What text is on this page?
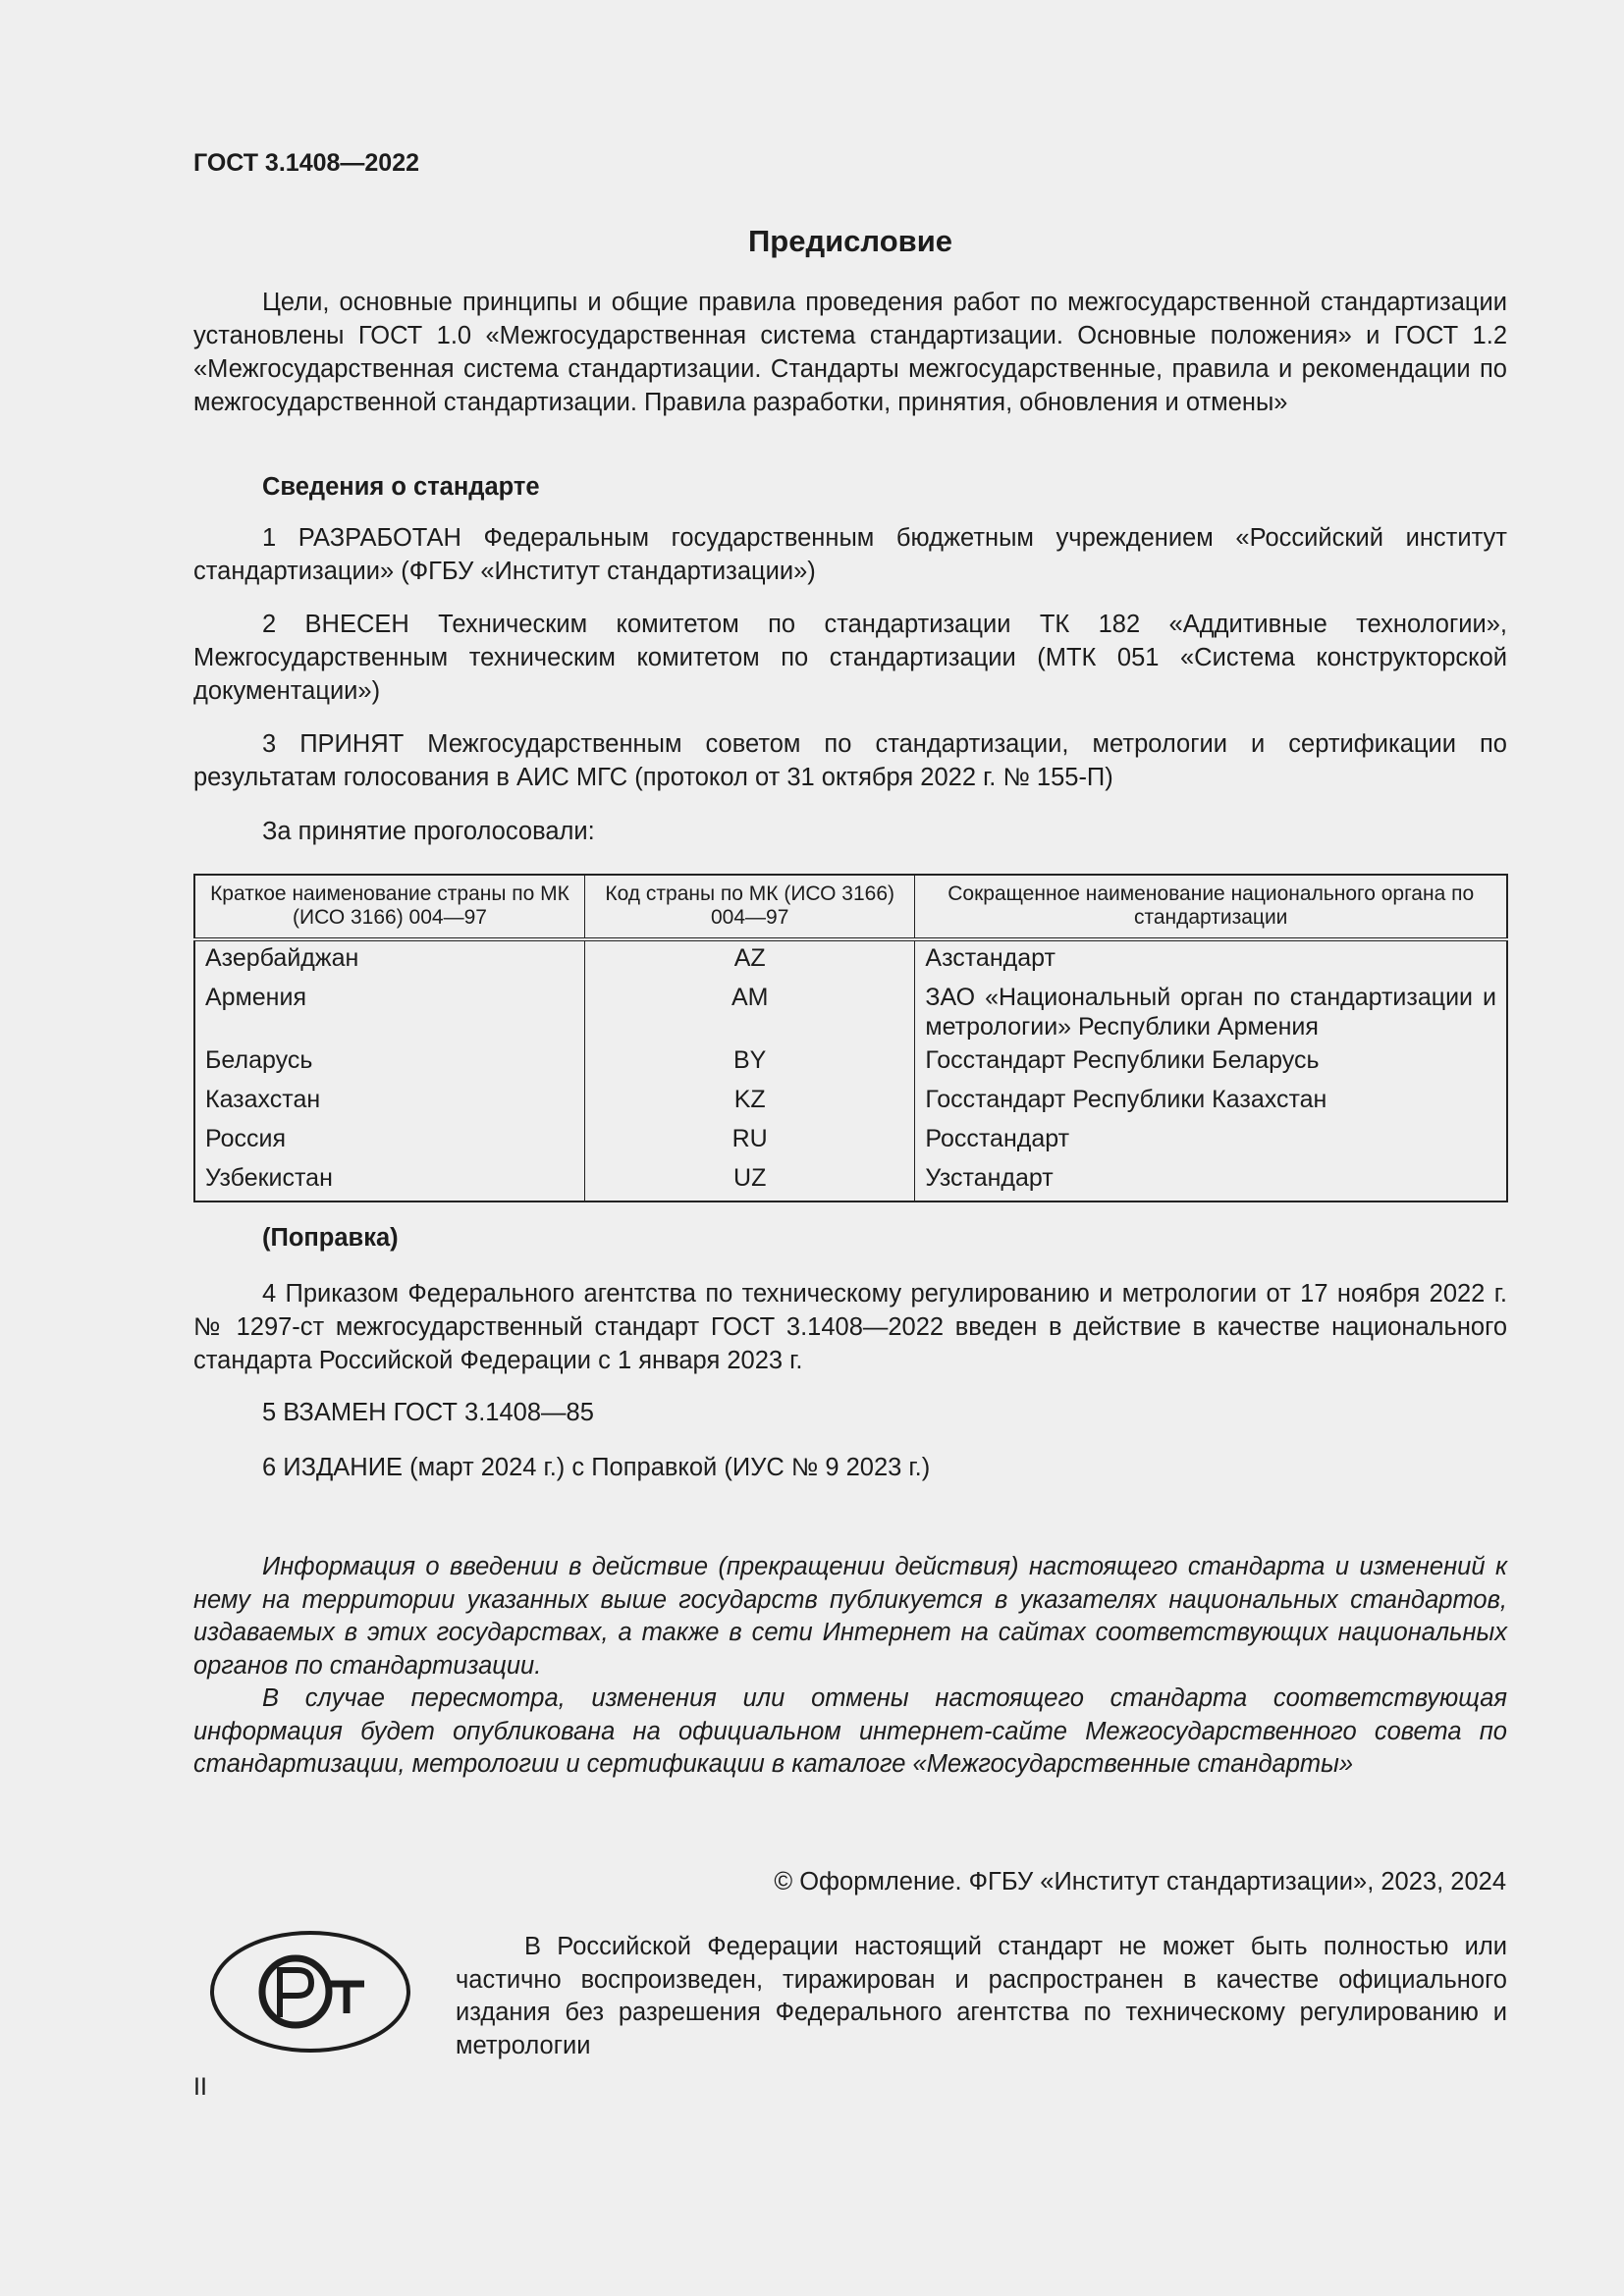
ГОСТ 3.1408—2022
Предисловие
Цели, основные принципы и общие правила проведения работ по межгосударственной стандартизации установлены ГОСТ 1.0 «Межгосударственная система стандартизации. Основные положения» и ГОСТ 1.2 «Межгосударственная система стандартизации. Стандарты межгосударственные, правила и рекомендации по межгосударственной стандартизации. Правила разработки, принятия, обновления и отмены»
Сведения о стандарте
1 РАЗРАБОТАН Федеральным государственным бюджетным учреждением «Российский институт стандартизации» (ФГБУ «Институт стандартизации»)
2 ВНЕСЕН Техническим комитетом по стандартизации ТК 182 «Аддитивные технологии», Межгосударственным техническим комитетом по стандартизации (МТК 051 «Система конструкторской документации»)
3 ПРИНЯТ Межгосударственным советом по стандартизации, метрологии и сертификации по результатам голосования в АИС МГС (протокол от 31 октября 2022 г. № 155-П)
За принятие проголосовали:
Краткое наименование страны по МК (ИСО 3166) 004—97	Код страны по МК (ИСО 3166) 004—97	Сокращенное наименование национального органа по стандартизации
Азербайджан	AZ	Азстандарт
Армения	AM	ЗАО «Национальный орган по стандартизации и метрологии» Республики Армения
Беларусь	BY	Госстандарт Республики Беларусь
Казахстан	KZ	Госстандарт Республики Казахстан
Россия	RU	Росстандарт
Узбекистан	UZ	Узстандарт
(Поправка)
4 Приказом Федерального агентства по техническому регулированию и метрологии от 17 ноября 2022 г. № 1297-ст межгосударственный стандарт ГОСТ 3.1408—2022 введен в действие в качестве национального стандарта Российской Федерации с 1 января 2023 г.
5 ВЗАМЕН ГОСТ 3.1408—85
6 ИЗДАНИЕ (март 2024 г.) с Поправкой (ИУС № 9 2023 г.)
Информация о введении в действие (прекращении действия) настоящего стандарта и изменений к нему на территории указанных выше государств публикуется в указателях национальных стандартов, издаваемых в этих государствах, а также в сети Интернет на сайтах соответствующих национальных органов по стандартизации.
В случае пересмотра, изменения или отмены настоящего стандарта соответствующая информация будет опубликована на официальном интернет-сайте Межгосударственного совета по стандартизации, метрологии и сертификации в каталоге «Межгосударственные стандарты»
© Оформление. ФГБУ «Институт стандартизации», 2023, 2024
В Российской Федерации настоящий стандарт не может быть полностью или частично воспроизведен, тиражирован и распространен в качестве официального издания без разрешения Федерального агентства по техническому регулированию и метрологии
II
